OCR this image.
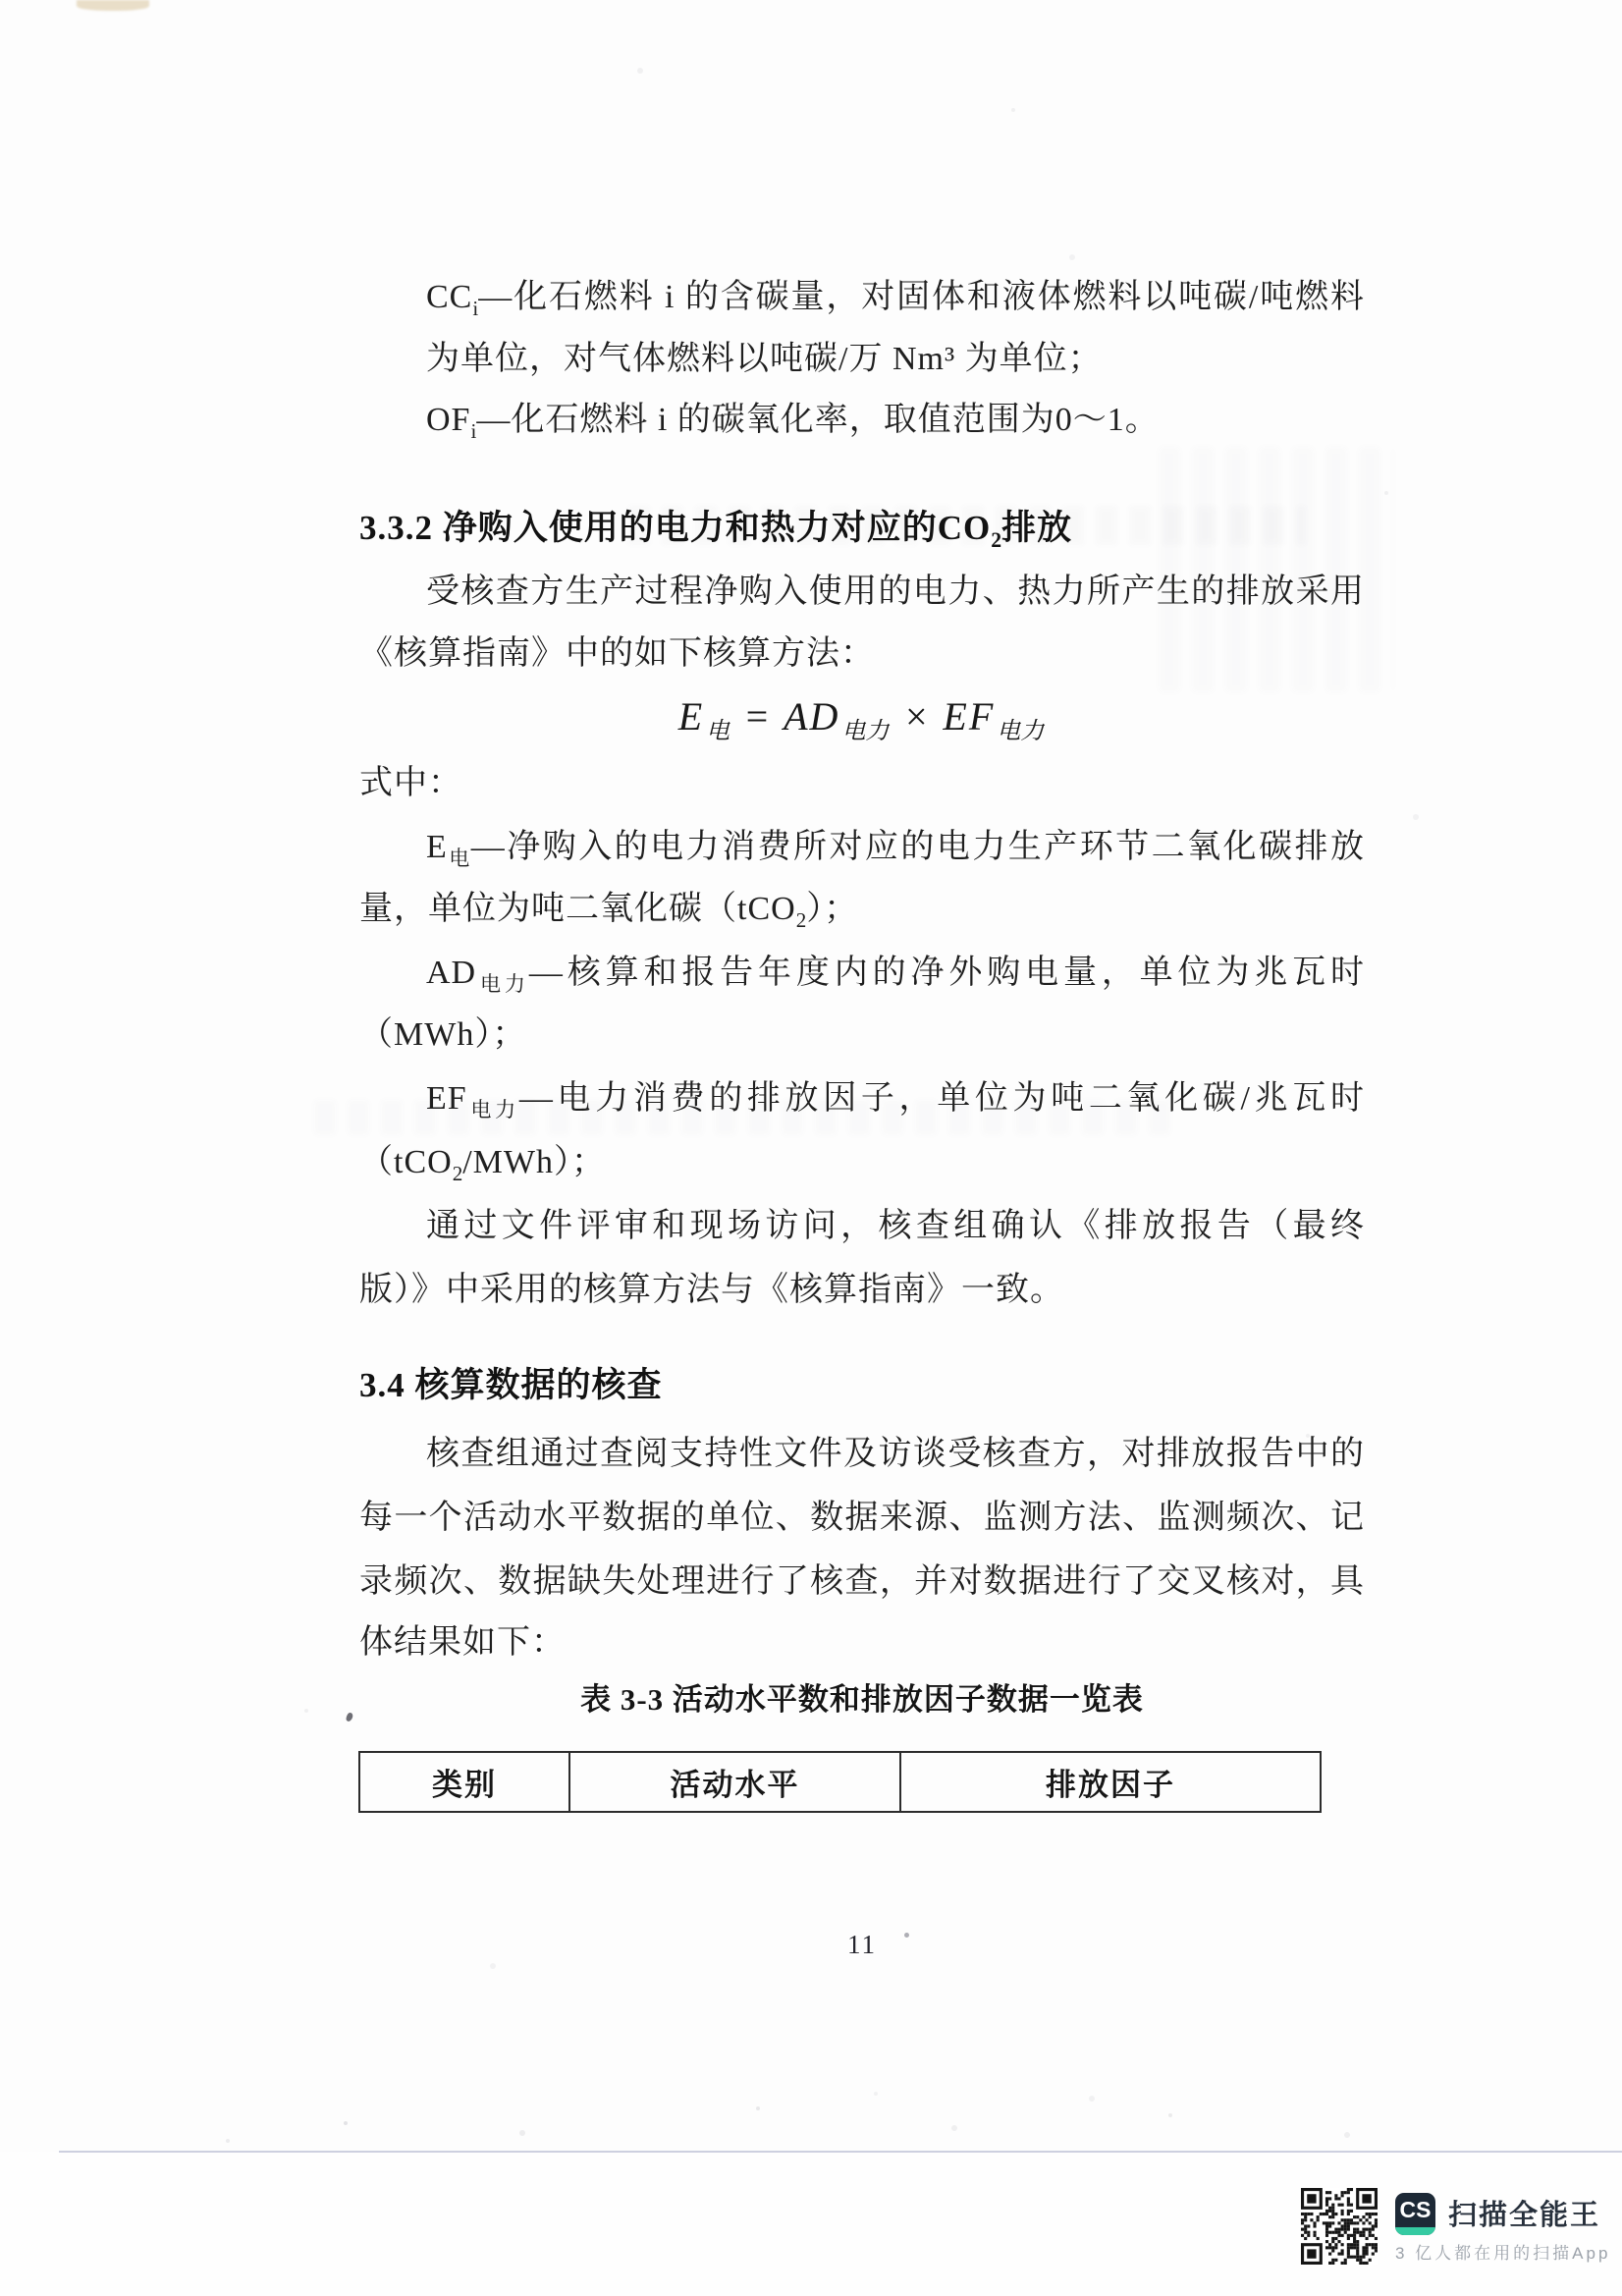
$CC_i—$化石燃料 i 的含碳量，对固体和液体燃料以吨碳/吨燃料
为单位，对气体燃料以吨碳/万 Nm³ 为单位；
$OF_i—$化石燃料 i 的碳氧化率，取值范围为0～1。
3.3.2 净购入使用的电力和热力对应的$CO_2$排放
受核查方生产过程净购入使用的电力、热力所产生的排放采用
《核算指南》中的如下核算方法：
$E_电 = AD_{电力} \times EF_{电力}$
式中：
$E_电—$净购入的电力消费所对应的电力生产环节二氧化碳排放
量，单位为吨二氧化碳（tCO$_2$）；
$AD_{电力}—$核算和报告年度内的净外购电量，单位为兆瓦时
（MWh）；
$EF_{电力}—$电力消费的排放因子，单位为吨二氧化碳/兆瓦时
（tCO$_2$/MWh）；
通过文件评审和现场访问，核查组确认《排放报告（最终
版）》中采用的核算方法与《核算指南》一致。
3.4 核算数据的核查
核查组通过查阅支持性文件及访谈受核查方，对排放报告中的
每一个活动水平数据的单位、数据来源、监测方法、监测频次、记
录频次、数据缺失处理进行了核查，并对数据进行了交叉核对，具
体结果如下：
表 3-3 活动水平数和排放因子数据一览表
类别	活动水平	排放因子
11
CS 扫描全能王
3 亿人都在用的扫描App
